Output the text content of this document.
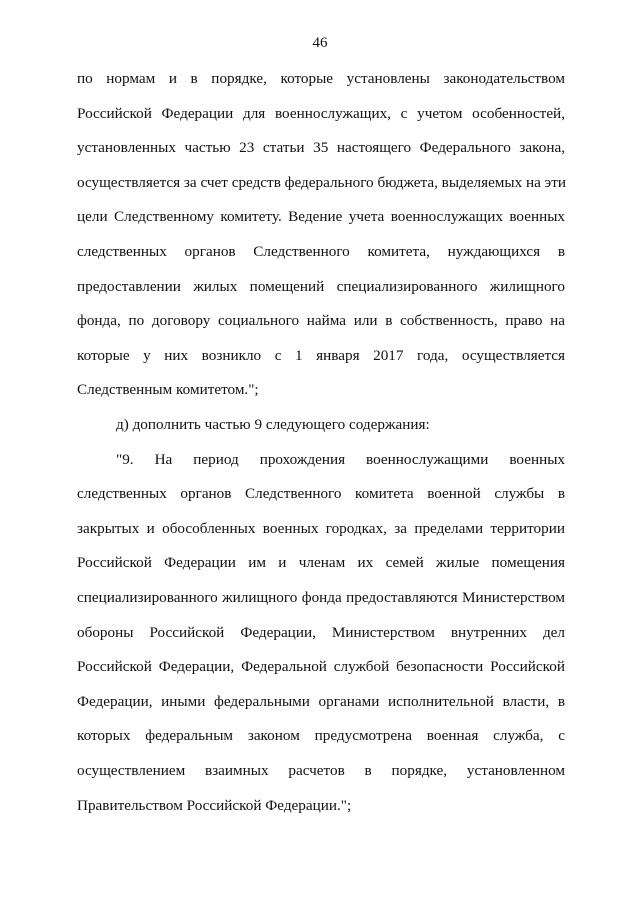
46
по нормам и в порядке, которые установлены законодательством
Российской Федерации для военнослужащих, с учетом особенностей,
установленных частью 23 статьи 35 настоящего Федерального закона,
осуществляется за счет средств федерального бюджета, выделяемых на эти
цели Следственному комитету. Ведение учета военнослужащих военных
следственных органов Следственного комитета, нуждающихся в
предоставлении жилых помещений специализированного жилищного
фонда, по договору социального найма или в собственность, право на
которые у них возникло с 1 января 2017 года, осуществляется
Следственным комитетом.";
д) дополнить частью 9 следующего содержания:
"9. На период прохождения военнослужащими военных
следственных органов Следственного комитета военной службы в
закрытых и обособленных военных городках, за пределами территории
Российской Федерации им и членам их семей жилые помещения
специализированного жилищного фонда предоставляются Министерством
обороны Российской Федерации, Министерством внутренних дел
Российской Федерации, Федеральной службой безопасности Российской
Федерации, иными федеральными органами исполнительной власти, в
которых федеральным законом предусмотрена военная служба, с
осуществлением взаимных расчетов в порядке, установленном
Правительством Российской Федерации.";
